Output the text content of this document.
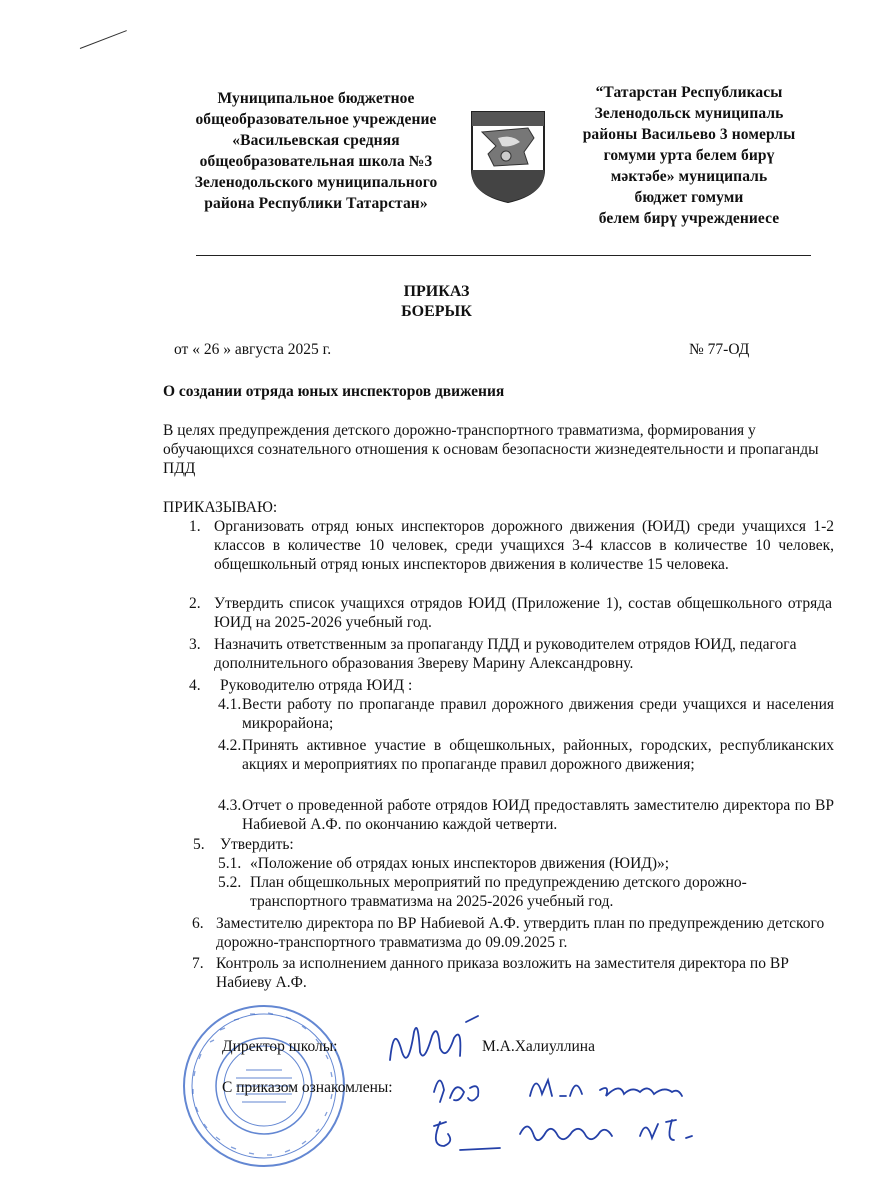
Муниципальное бюджетное
общеобразовательное учреждение
«Васильевская средняя
общеобразовательная школа №3
Зеленодольского муниципального
района Республики Татарстан»
“Татарстан Республикасы
Зеленодольск муниципаль
районы Васильево 3 номерлы
гомуми урта белем бирү
мәктәбе» муниципаль
бюджет гомуми
белем бирү учреждениесе
ПРИКАЗ
БОЕРЫК
от « 26 » августа 2025 г.	№ 77-ОД
О создании отряда юных инспекторов движения
В целях предупреждения детского дорожно-транспортного травматизма, формирования у обучающихся сознательного отношения к основам безопасности жизнедеятельности и пропаганды ПДД
ПРИКАЗЫВАЮ:
1. Организовать отряд юных инспекторов дорожного движения (ЮИД) среди учащихся 1-2 классов в количестве 10 человек, среди учащихся 3-4 классов в количестве 10 человек, общешкольный отряд юных инспекторов движения в количестве 15 человека.
2. Утвердить список учащихся отрядов ЮИД (Приложение 1), состав общешкольного отряда ЮИД на 2025-2026 учебный год.
3. Назначить ответственным за пропаганду ПДД и руководителем отрядов ЮИД, педагога дополнительного образования Звереву Марину Александровну.
4. Руководителю отряда ЮИД :
4.1. Вести работу по пропаганде правил дорожного движения среди учащихся и населения микрорайона;
4.2. Принять активное участие в общешкольных, районных, городских, республиканских акциях и мероприятиях по пропаганде правил дорожного движения;
4.3. Отчет о проведенной работе отрядов ЮИД предоставлять заместителю директора по ВР Набиевой А.Ф. по окончанию каждой четверти.
5. Утвердить:
5.1. «Положение об отрядах юных инспекторов движения (ЮИД)»;
5.2. План общешкольных мероприятий по предупреждению детского дорожно-транспортного травматизма на 2025-2026 учебный год.
6. Заместителю директора по ВР Набиевой А.Ф. утвердить план по предупреждению детского дорожно-транспортного травматизма до 09.09.2025 г.
7. Контроль за исполнением данного приказа возложить на заместителя директора по ВР Набиеву А.Ф.
Директор школы:	М.А.Халиуллина
С приказом ознакомлены:
